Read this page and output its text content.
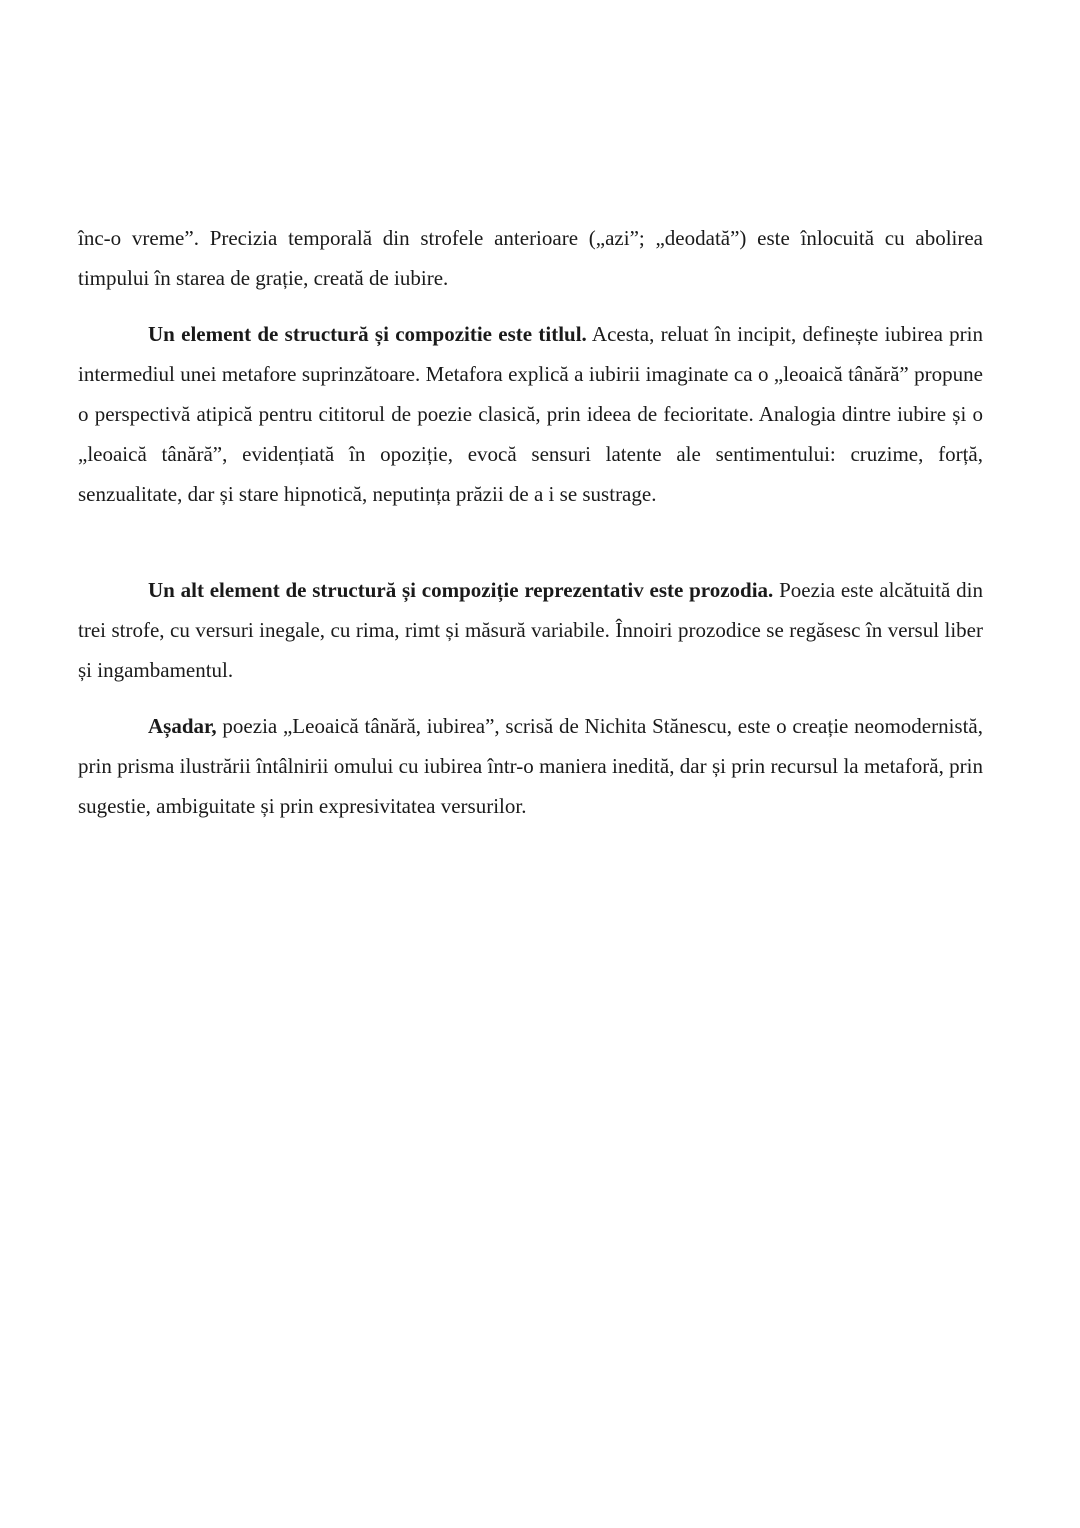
înc-o vreme”. Precizia temporală din strofele anterioare („azi”; „deodată”) este înlocuită cu abolirea timpului în starea de grație, creată de iubire.

Un element de structură și compozitie este titlul. Acesta, reluat în incipit, definește iubirea prin intermediul unei metafore suprinzătoare. Metafora explică a iubirii imaginate ca o „leoaică tânără” propune o perspectivă atipică pentru cititorul de poezie clasică, prin ideea de fecioritate. Analogia dintre iubire și o „leoaică tânără”, evidențiată în opoziție, evocă sensuri latente ale sentimentului: cruzime, forță, senzualitate, dar și stare hipnotică, neputința prăzii de a i se sustrage.

Un alt element de structură și compoziție reprezentativ este prozodia. Poezia este alcătuită din trei strofe, cu versuri inegale, cu rima, rimt și măsură variabile. Înnoiri prozodice se regăsesc în versul liber și ingambamentul.

Așadar, poezia „Leoaică tânără, iubirea”, scrisă de Nichita Stănescu, este o creație neomodernistă, prin prisma ilustrării întâlnirii omului cu iubirea într-o maniera inedită, dar și prin recursul la metaforă, prin sugestie, ambiguitate și prin expresivitatea versurilor.
